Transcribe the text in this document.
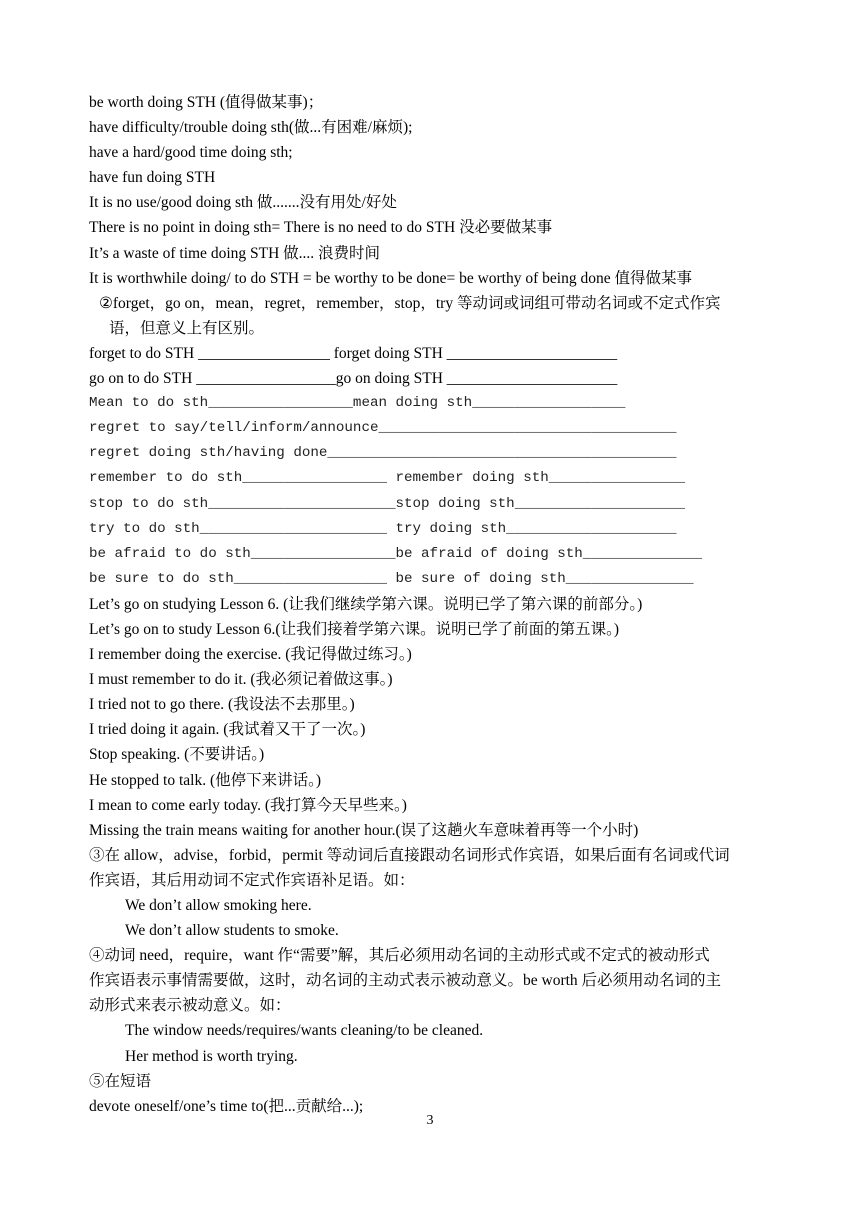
be worth doing STH (值得做某事)；
have difficulty/trouble doing sth(做...有困难/麻烦);
have a hard/good time doing sth;
have fun doing STH
It is no use/good doing sth 做.......没有用处/好处
There is no point in doing sth= There is no need to do STH 没必要做某事
It’s a waste of time doing STH 做.... 浪费时间
It is worthwhile doing/ to do STH = be worthy to be done= be worthy of being done 值得做某事
②forget，go on，mean，regret，remember，stop，try 等动词或词组可带动名词或不定式作宾
语，但意义上有区别。
forget to do STH _________________ forget doing STH ______________________
go on to do STH __________________go on doing STH ______________________
Mean to do sth_________________mean doing sth__________________
regret to say/tell/inform/announce___________________________________
regret doing sth/having done_________________________________________
remember to do sth_________________ remember doing sth________________
stop to do sth______________________stop doing sth____________________
try to do sth______________________ try doing sth____________________
be afraid to do sth_________________be afraid of doing sth______________
be sure to do sth__________________ be sure of doing sth_______________
Let’s go on studying Lesson 6. (让我们继续学第六课。说明已学了第六课的前部分。)
Let’s go on to study Lesson 6.(让我们接着学第六课。说明已学了前面的第五课。)
I remember doing the exercise. (我记得做过练习。)
I must remember to do it. (我必须记着做这事。)
I tried not to go there. (我设法不去那里。)
I tried doing it again. (我试着又干了一次。)
Stop speaking. (不要讲话。)
He stopped to talk. (他停下来讲话。)
I mean to come early today. (我打算今天早些来。)
Missing the train means waiting for another hour.(误了这趟火车意味着再等一个小时)
③在 allow，advise，forbid，permit 等动词后直接跟动名词形式作宾语，如果后面有名词或代词
作宾语，其后用动词不定式作宾语补足语。如：
We don’t allow smoking here.
We don’t allow students to smoke.
④动词 need，require，want 作“需要”解，其后必须用动名词的主动形式或不定式的被动形式
作宾语表示事情需要做，这时，动名词的主动式表示被动意义。be worth 后必须用动名词的主
动形式来表示被动意义。如：
The window needs/requires/wants cleaning/to be cleaned.
Her method is worth trying.
⑤在短语
devote oneself/one’s time to(把...贡献给...);
3
